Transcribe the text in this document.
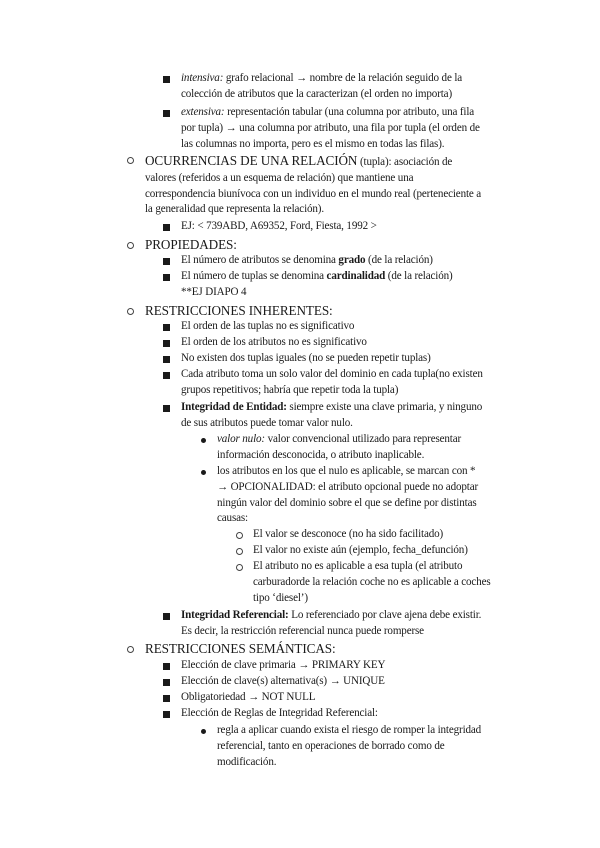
intensiva: grafo relacional → nombre de la relación seguido de la
colección de atributos que la caracterizan (el orden no importa)
extensiva: representación tabular (una columna por atributo, una fila
por tupla) → una columna por atributo, una fila por tupla (el orden de
las columnas no importa, pero es el mismo en todas las filas).
OCURRENCIAS DE UNA RELACIÓN (tupla): asociación de
valores (referidos a un esquema de relación) que mantiene una
correspondencia biunívoca con un individuo en el mundo real (perteneciente a
la generalidad que representa la relación).
EJ: < 739ABD, A69352, Ford, Fiesta, 1992 >
PROPIEDADES:
El número de atributos se denomina grado (de la relación)
El número de tuplas se denomina cardinalidad (de la relación)
**EJ DIAPO 4
RESTRICCIONES INHERENTES:
El orden de las tuplas no es significativo
El orden de los atributos no es significativo
No existen dos tuplas iguales (no se pueden repetir tuplas)
Cada atributo toma un solo valor del dominio en cada tupla(no existen
grupos repetitivos; habría que repetir toda la tupla)
Integridad de Entidad: siempre existe una clave primaria, y ninguno
de sus atributos puede tomar valor nulo.
valor nulo: valor convencional utilizado para representar
información desconocida, o atributo inaplicable.
los atributos en los que el nulo es aplicable, se marcan con *
→ OPCIONALIDAD: el atributo opcional puede no adoptar
ningún valor del dominio sobre el que se define por distintas
causas:
El valor se desconoce (no ha sido facilitado)
El valor no existe aún (ejemplo, fecha_defunción)
El atributo no es aplicable a esa tupla (el atributo
carburadorde la relación coche no es aplicable a coches
tipo ‘diesel’)
Integridad Referencial: Lo referenciado por clave ajena debe existir.
Es decir, la restricción referencial nunca puede romperse
RESTRICCIONES SEMÁNTICAS:
Elección de clave primaria → PRIMARY KEY
Elección de clave(s) alternativa(s) → UNIQUE
Obligatoriedad → NOT NULL
Elección de Reglas de Integridad Referencial:
regla a aplicar cuando exista el riesgo de romper la integridad
referencial, tanto en operaciones de borrado como de
modificación.
